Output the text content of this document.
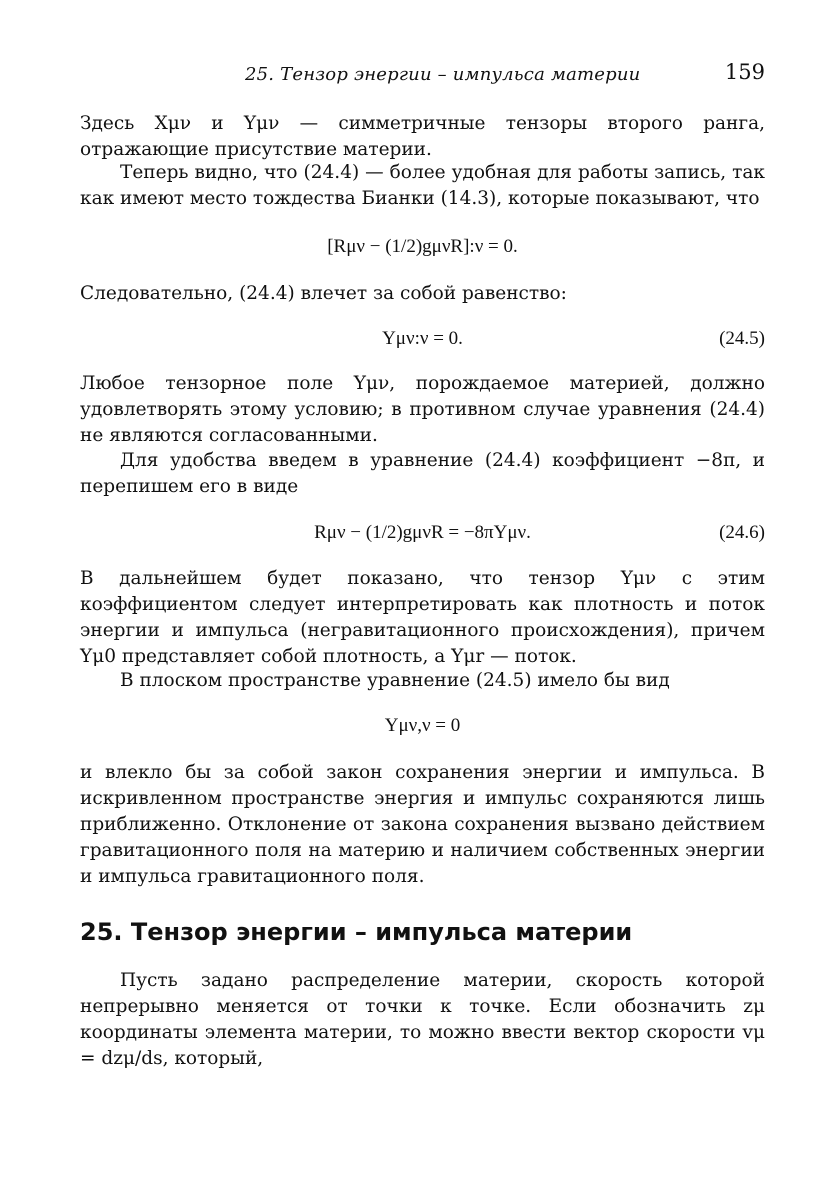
25. Тензор энергии – импульса материи	159
Здесь Xμν и Yμν — симметричные тензоры второго ранга, отражающие присутствие материи.
Теперь видно, что (24.4) — более удобная для работы запись, так как имеют место тождества Бианки (14.3), которые показывают, что
[Rμν − (1/2)gμνR]:ν = 0.
Следовательно, (24.4) влечет за собой равенство:
Yμν:ν = 0.	(24.5)
Любое тензорное поле Yμν, порождаемое материей, должно удовлетворять этому условию; в противном случае уравнения (24.4) не являются согласованными.
Для удобства введем в уравнение (24.4) коэффициент −8π, и перепишем его в виде
Rμν − (1/2)gμνR = −8πYμν.	(24.6)
В дальнейшем будет показано, что тензор Yμν с этим коэффициентом следует интерпретировать как плотность и поток энергии и импульса (негравитационного происхождения), причем Yμ0 представляет собой плотность, а Yμr — поток.
В плоском пространстве уравнение (24.5) имело бы вид
Yμν,ν = 0
и влекло бы за собой закон сохранения энергии и импульса. В искривленном пространстве энергия и импульс сохраняются лишь приближенно. Отклонение от закона сохранения вызвано действием гравитационного поля на материю и наличием собственных энергии и импульса гравитационного поля.
25. Тензор энергии – импульса материи
Пусть задано распределение материи, скорость которой непрерывно меняется от точки к точке. Если обозначить zμ координаты элемента материи, то можно ввести вектор скорости vμ = dzμ/ds, который,
